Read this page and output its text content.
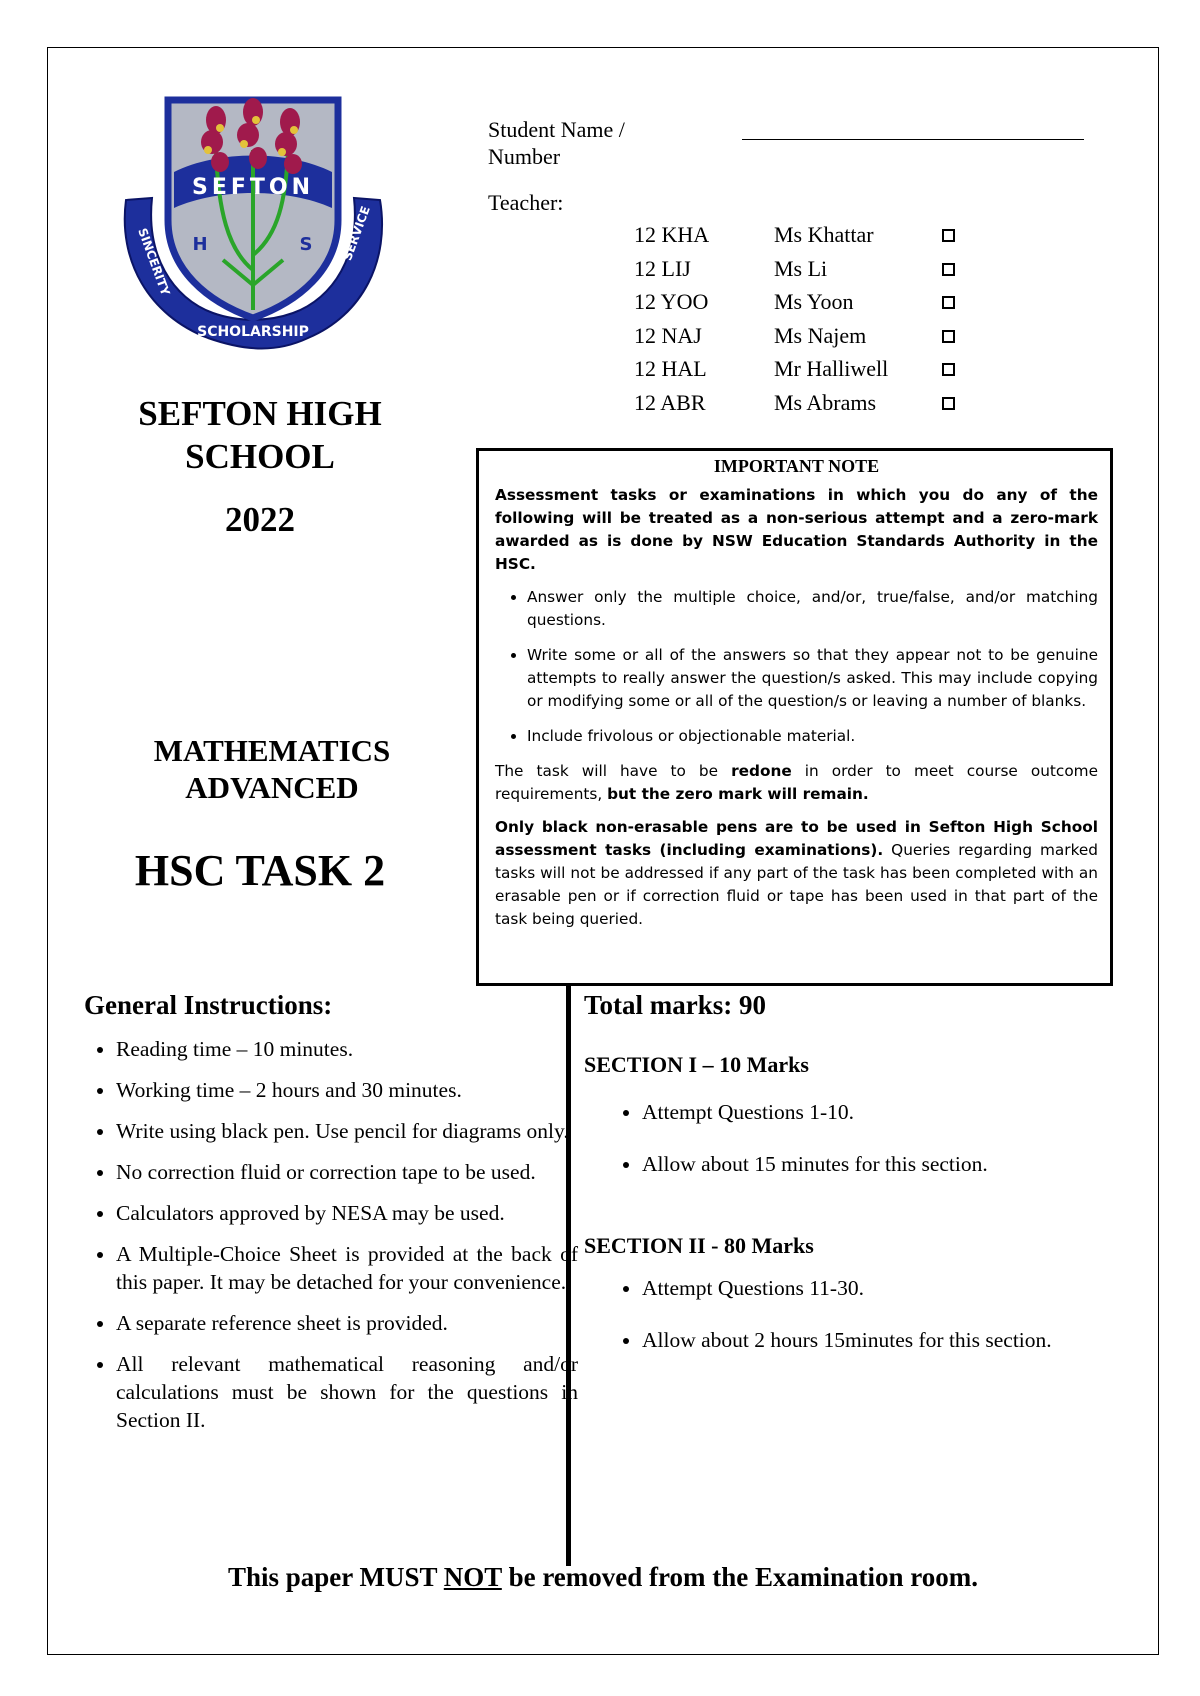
SEFTON
H	S
SINCERITY
SCHOLARSHIP
SERVICE
SEFTON HIGH
SCHOOL
2022
MATHEMATICS
ADVANCED
HSC TASK 2
Student Name /
Number
Teacher:
12 KHA	Ms Khattar
12 LIJ	Ms Li
12 YOO	Ms Yoon
12 NAJ	Ms Najem
12 HAL	Mr Halliwell
12 ABR	Ms Abrams
IMPORTANT NOTE

Assessment tasks or examinations in which you do any of the following will be treated as a non-serious attempt and a zero-mark awarded as is done by NSW Education Standards Authority in the HSC.

• Answer only the multiple choice, and/or, true/false, and/or matching questions.
• Write some or all of the answers so that they appear not to be genuine attempts to really answer the question/s asked. This may include copying or modifying some or all of the question/s or leaving a number of blanks.
• Include frivolous or objectionable material.

The task will have to be redone in order to meet course outcome requirements, but the zero mark will remain.

Only black non-erasable pens are to be used in Sefton High School assessment tasks (including examinations). Queries regarding marked tasks will not be addressed if any part of the task has been completed with an erasable pen or if correction fluid or tape has been used in that part of the task being queried.

General Instructions:
• Reading time – 10 minutes.
• Working time – 2 hours and 30 minutes.
• Write using black pen. Use pencil for diagrams only.
• No correction fluid or correction tape to be used.
• Calculators approved by NESA may be used.
• A Multiple-Choice Sheet is provided at the back of this paper. It may be detached for your convenience.
• A separate reference sheet is provided.
• All relevant mathematical reasoning and/or calculations must be shown for the questions in Section II.
Total marks: 90
SECTION I – 10 Marks
• Attempt Questions 1-10.
• Allow about 15 minutes for this section.
SECTION II - 80 Marks
• Attempt Questions 11-30.
• Allow about 2 hours 15minutes for this section.
This paper MUST NOT be removed from the Examination room.
